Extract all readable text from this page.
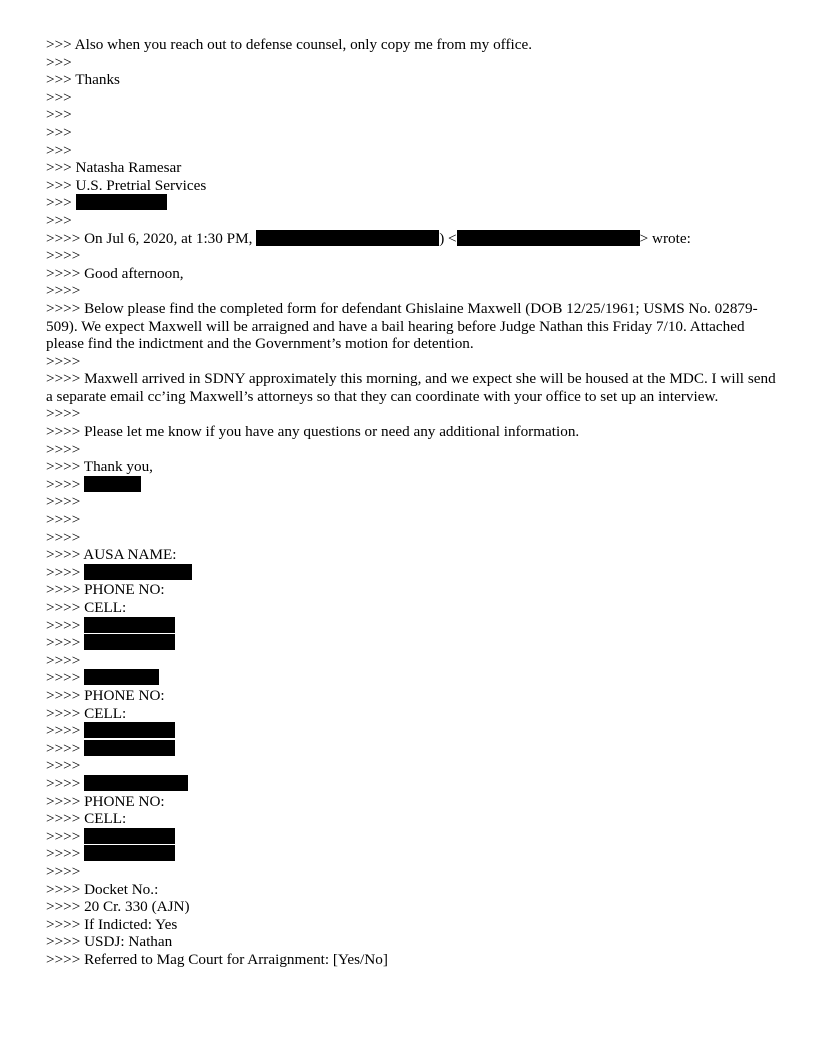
>>> Also when you reach out to defense counsel, only copy me from my office.
>>>
>>> Thanks
>>>
>>>
>>>
>>>
>>> Natasha Ramesar
>>> U.S. Pretrial Services
>>>
>>>
>>>> On Jul 6, 2020, at 1:30 PM,	) <	> wrote:
>>>>
>>>> Good afternoon,
>>>>
>>>> Below please find the completed form for defendant Ghislaine Maxwell (DOB 12/25/1961; USMS No. 02879-509). We expect Maxwell will be arraigned and have a bail hearing before Judge Nathan this Friday 7/10. Attached please find the indictment and the Government’s motion for detention.
>>>>
>>>> Maxwell arrived in SDNY approximately this morning, and we expect she will be housed at the MDC. I will send a separate email cc’ing Maxwell’s attorneys so that they can coordinate with your office to set up an interview.
>>>>
>>>> Please let me know if you have any questions or need any additional information.
>>>>
>>>> Thank you,
>>>>
>>>>
>>>>
>>>>
>>>> AUSA NAME:
>>>>
>>>> PHONE NO:
>>>> CELL:
>>>>
>>>>
>>>>
>>>>
>>>> PHONE NO:
>>>> CELL:
>>>>
>>>>
>>>>
>>>>
>>>> PHONE NO:
>>>> CELL:
>>>>
>>>>
>>>>
>>>> Docket No.:
>>>> 20 Cr. 330 (AJN)
>>>> If Indicted: Yes
>>>> USDJ: Nathan
>>>> Referred to Mag Court for Arraignment: [Yes/No]
